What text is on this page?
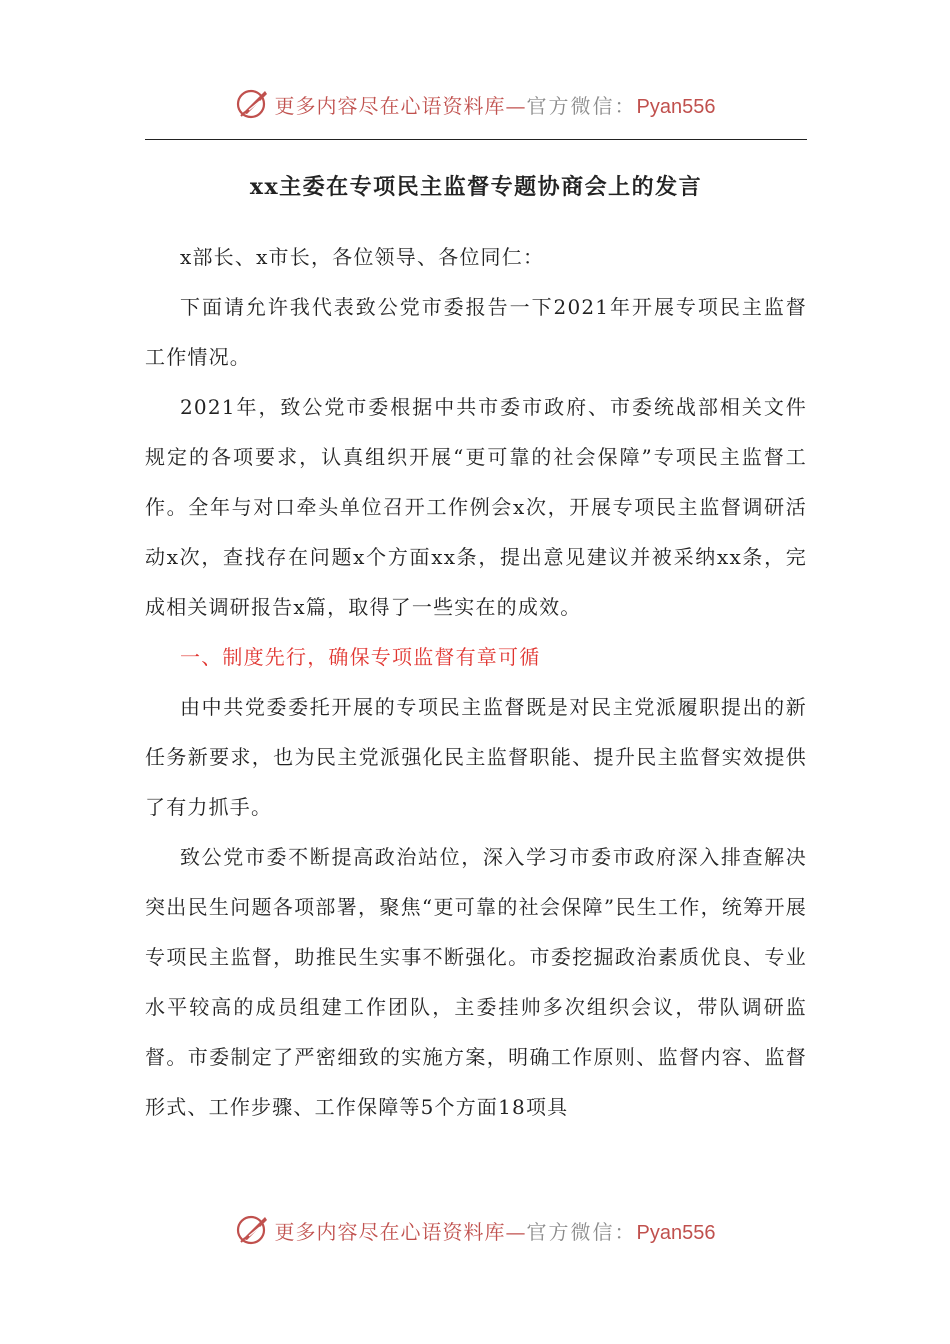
更多内容尽在心语资料库—官方微信：Pyan556
xx主委在专项民主监督专题协商会上的发言

x部长、x市长，各位领导、各位同仁：

下面请允许我代表致公党市委报告一下2021年开展专项民主监督工作情况。

2021年，致公党市委根据中共市委市政府、市委统战部相关文件规定的各项要求，认真组织开展“更可靠的社会保障”专项民主监督工作。全年与对口牵头单位召开工作例会x次，开展专项民主监督调研活动x次，查找存在问题x个方面xx条，提出意见建议并被采纳xx条，完成相关调研报告x篇，取得了一些实在的成效。

一、制度先行，确保专项监督有章可循

由中共党委委托开展的专项民主监督既是对民主党派履职提出的新任务新要求，也为民主党派强化民主监督职能、提升民主监督实效提供了有力抓手。

致公党市委不断提高政治站位，深入学习市委市政府深入排查解决突出民生问题各项部署，聚焦“更可靠的社会保障”民生工作，统筹开展专项民主监督，助推民生实事不断强化。市委挖掘政治素质优良、专业水平较高的成员组建工作团队，主委挂帅多次组织会议，带队调研监督。市委制定了严密细致的实施方案，明确工作原则、监督内容、监督形式、工作步骤、工作保障等5个方面18项具

更多内容尽在心语资料库—官方微信：Pyan556
